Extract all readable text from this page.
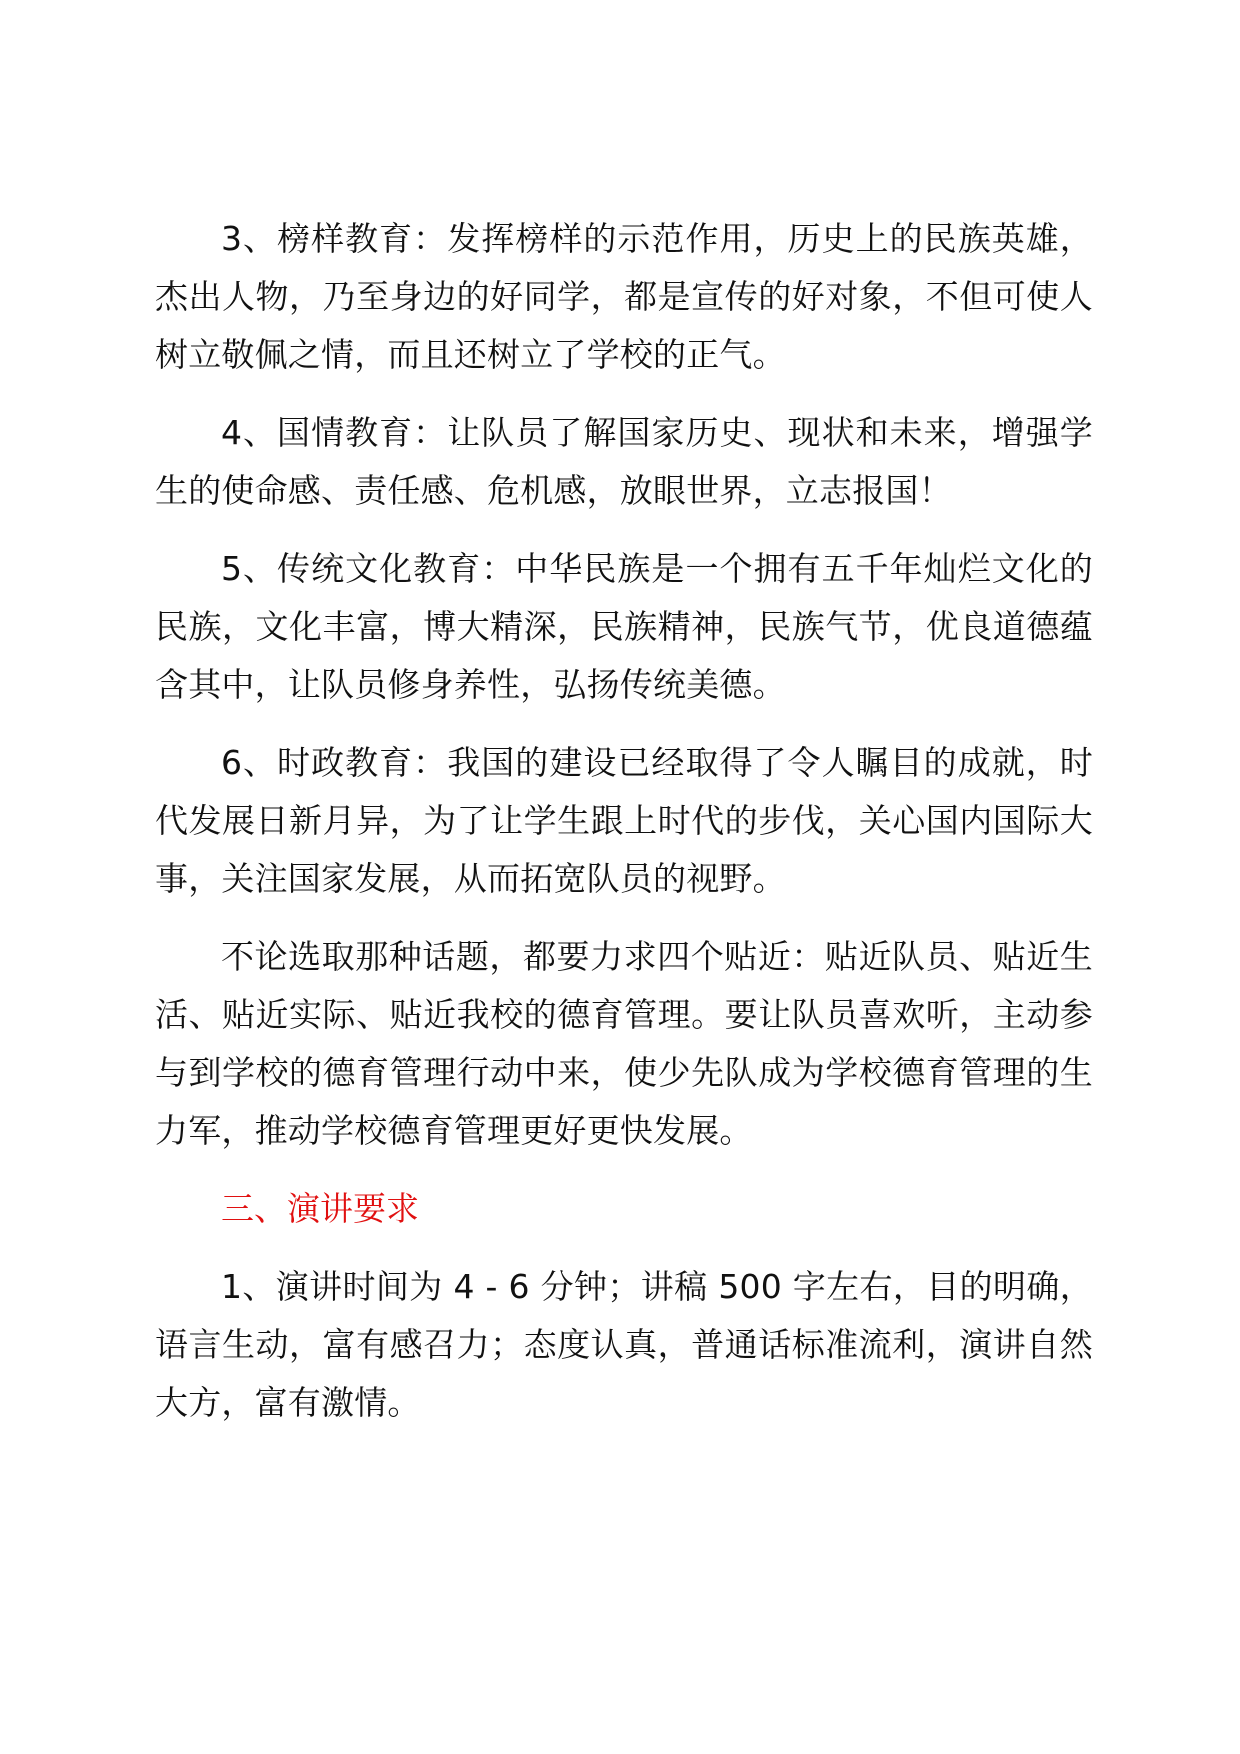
3、榜样教育：发挥榜样的示范作用，历史上的民族英雄，杰出人物，乃至身边的好同学，都是宣传的好对象，不但可使人树立敬佩之情，而且还树立了学校的正气。

4、国情教育：让队员了解国家历史、现状和未来，增强学生的使命感、责任感、危机感，放眼世界，立志报国！

5、传统文化教育：中华民族是一个拥有五千年灿烂文化的民族，文化丰富，博大精深，民族精神，民族气节，优良道德蕴含其中，让队员修身养性，弘扬传统美德。

6、时政教育：我国的建设已经取得了令人瞩目的成就，时代发展日新月异，为了让学生跟上时代的步伐，关心国内国际大事，关注国家发展，从而拓宽队员的视野。

不论选取那种话题，都要力求四个贴近：贴近队员、贴近生活、贴近实际、贴近我校的德育管理。要让队员喜欢听，主动参与到学校的德育管理行动中来，使少先队成为学校德育管理的生力军，推动学校德育管理更好更快发展。

三、演讲要求

1、演讲时间为 4 - 6 分钟；讲稿 500 字左右，目的明确，语言生动，富有感召力；态度认真，普通话标准流利，演讲自然大方，富有激情。
